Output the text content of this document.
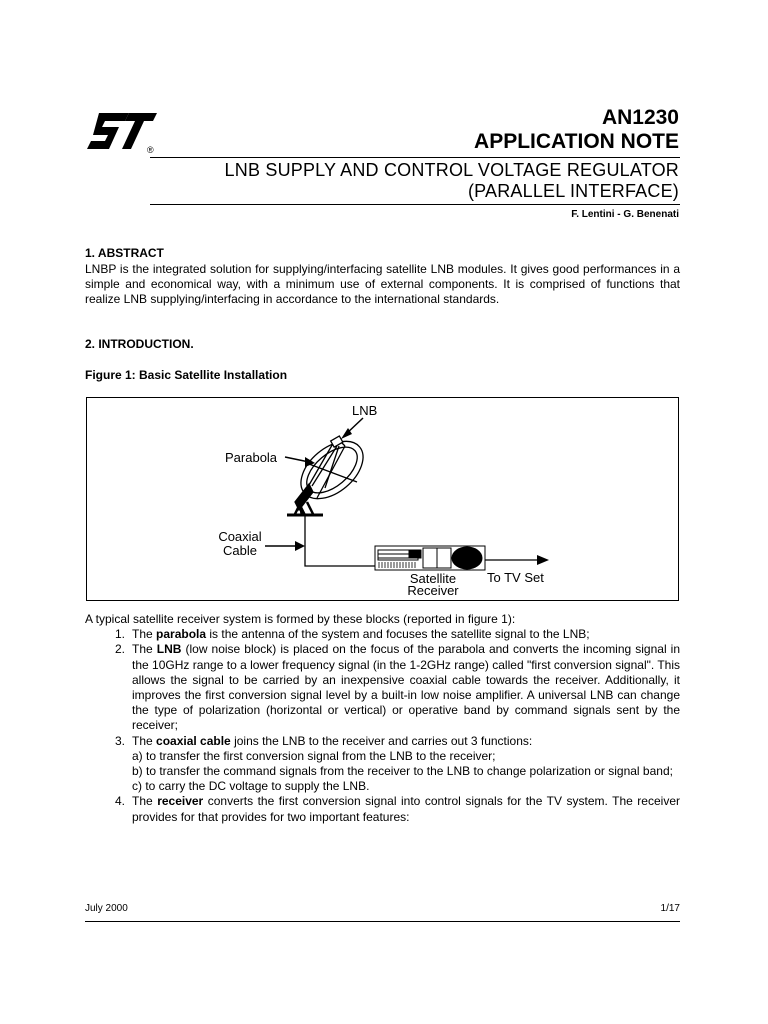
®
AN1230
APPLICATION NOTE
LNB SUPPLY AND CONTROL VOLTAGE REGULATOR
(PARALLEL INTERFACE)
F. Lentini - G. Benenati
1. ABSTRACT
LNBP is the integrated solution for supplying/interfacing satellite LNB modules. It gives good performances in a simple and economical way, with a minimum use of external components. It is comprised of functions that realize LNB supplying/interfacing in accordance to the international standards.
2. INTRODUCTION.
Figure 1: Basic Satellite Installation
LNB
Parabola
Coaxial
Cable
Satellite
Receiver
To TV Set
A typical satellite receiver system is formed by these blocks (reported in figure 1):
1. The parabola is the antenna of the system and focuses the satellite signal to the LNB;
2. The LNB (low noise block) is placed on the focus of the parabola and converts the incoming signal in the 10GHz range to a lower frequency signal (in the 1-2GHz range) called "first conversion signal". This allows the signal to be carried by an inexpensive coaxial cable towards the receiver. Additionally, it improves the first conversion signal level by a built-in low noise amplifier. A universal LNB can change the type of polarization (horizontal or vertical) or operative band by command signals sent by the receiver;
3. The coaxial cable joins the LNB to the receiver and carries out 3 functions:
a) to transfer the first conversion signal from the LNB to the receiver;
b) to transfer the command signals from the receiver to the LNB to change polarization or signal band;
c) to carry the DC voltage to supply the LNB.
4. The receiver converts the first conversion signal into control signals for the TV system. The receiver provides for that provides for two important features:
July 2000	1/17
